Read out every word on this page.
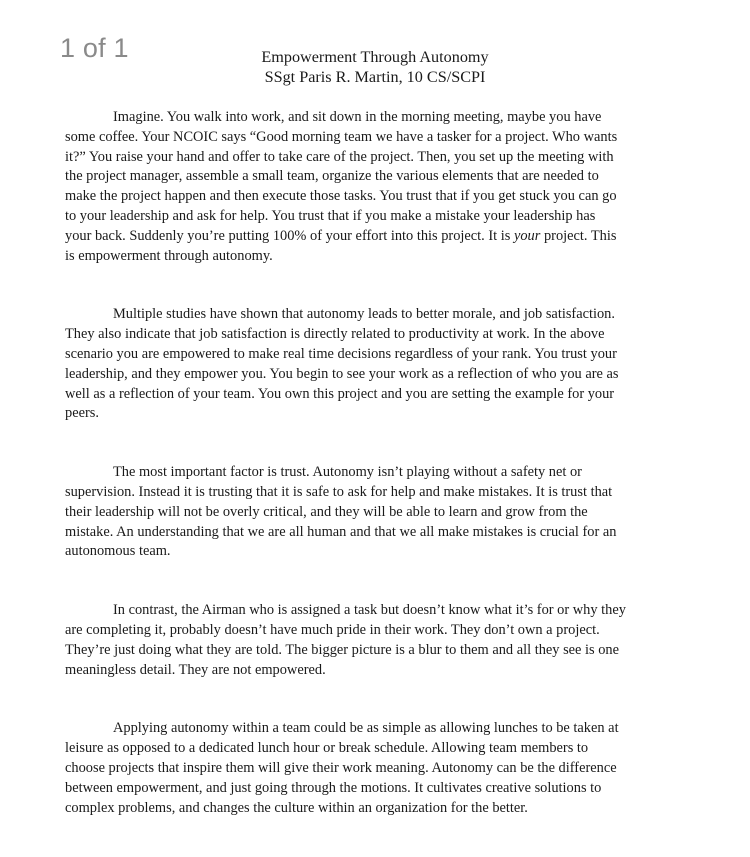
1 of 1	Empowerment Through Autonomy
SSgt Paris R. Martin, 10 CS/SCPI

Imagine. You walk into work, and sit down in the morning meeting, maybe you have
some coffee. Your NCOIC says “Good morning team we have a tasker for a project. Who wants
it?” You raise your hand and offer to take care of the project. Then, you set up the meeting with
the project manager, assemble a small team, organize the various elements that are needed to
make the project happen and then execute those tasks. You trust that if you get stuck you can go
to your leadership and ask for help. You trust that if you make a mistake your leadership has
your back. Suddenly you’re putting 100% of your effort into this project. It is your project. This
is empowerment through autonomy.

Multiple studies have shown that autonomy leads to better morale, and job satisfaction.
They also indicate that job satisfaction is directly related to productivity at work. In the above
scenario you are empowered to make real time decisions regardless of your rank. You trust your
leadership, and they empower you. You begin to see your work as a reflection of who you are as
well as a reflection of your team. You own this project and you are setting the example for your
peers.

The most important factor is trust. Autonomy isn’t playing without a safety net or
supervision. Instead it is trusting that it is safe to ask for help and make mistakes. It is trust that
their leadership will not be overly critical, and they will be able to learn and grow from the
mistake. An understanding that we are all human and that we all make mistakes is crucial for an
autonomous team.

In contrast, the Airman who is assigned a task but doesn’t know what it’s for or why they
are completing it, probably doesn’t have much pride in their work. They don’t own a project.
They’re just doing what they are told. The bigger picture is a blur to them and all they see is one
meaningless detail. They are not empowered.

Applying autonomy within a team could be as simple as allowing lunches to be taken at
leisure as opposed to a dedicated lunch hour or break schedule. Allowing team members to
choose projects that inspire them will give their work meaning. Autonomy can be the difference
between empowerment, and just going through the motions. It cultivates creative solutions to
complex problems, and changes the culture within an organization for the better.
